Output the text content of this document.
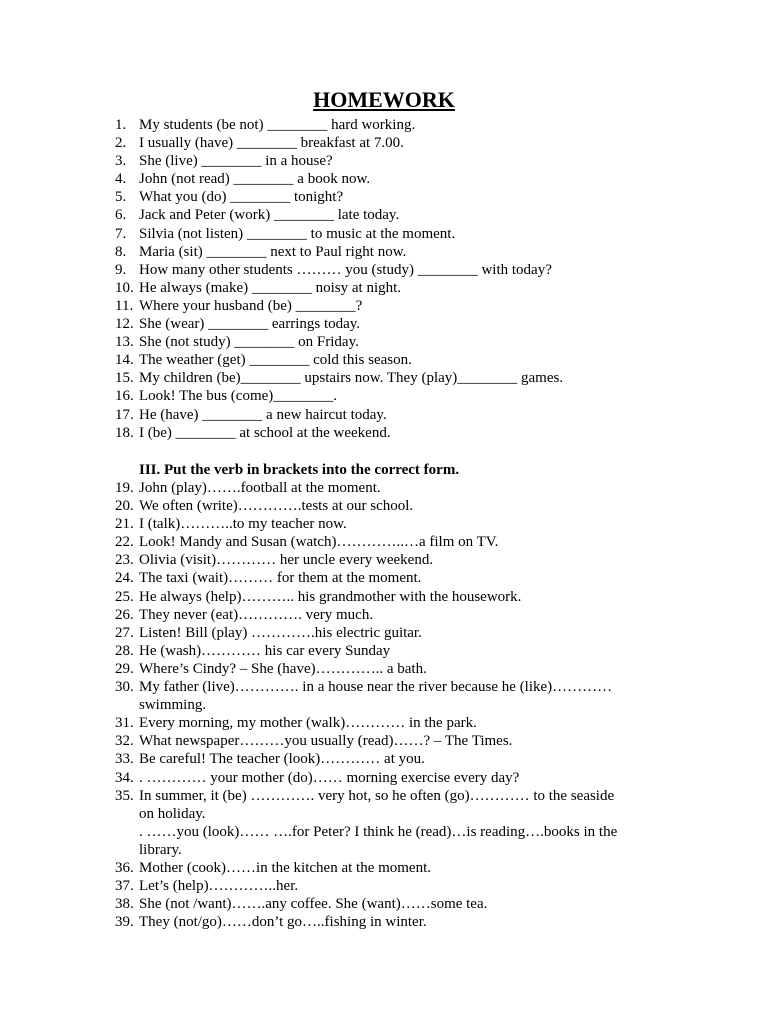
HOMEWORK
1. My students (be not) ________ hard working.
2. I usually (have) ________ breakfast at 7.00.
3. She (live) ________ in a house?
4. John (not read) ________ a book now.
5. What you (do) ________ tonight?
6. Jack and Peter (work) ________ late today.
7. Silvia (not listen) ________ to music at the moment.
8. Maria (sit) ________ next to Paul right now.
9. How many other students ……… you (study) ________ with today?
10. He always (make) ________ noisy at night.
11. Where your husband (be) ________?
12. She (wear) ________ earrings today.
13. She (not study) ________ on Friday.
14. The weather (get) ________ cold this season.
15. My children (be)________ upstairs now. They (play)________ games.
16. Look! The bus (come)________.
17. He (have) ________ a new haircut today.
18. I (be) ________ at school at the weekend.
III. Put the verb in brackets into the correct form.
19. John (play)…….football at the moment.
20. We often (write)………….tests at our school.
21. I (talk)………..to my teacher now.
22. Look! Mandy and Susan (watch)…………..…a film on TV.
23. Olivia (visit)………… her uncle every weekend.
24. The taxi (wait)……… for them at the moment.
25. He always (help)……….. his grandmother with the housework.
26. They never (eat)…………. very much.
27. Listen! Bill (play) ………….his electric guitar.
28. He (wash)………… his car every Sunday
29. Where’s Cindy? – She (have)………….. a bath.
30. My father (live)…………. in a house near the river because he (like)…………
swimming.
31. Every morning, my mother (walk)………… in the park.
32. What newspaper………you usually (read)……? – The Times.
33. Be careful! The teacher (look)………… at you.
34. . ………… your mother (do)…… morning exercise every day?
35. In summer, it (be) …………. very hot, so he often (go)………… to the seaside
on holiday.
. ……you (look)…… ….for Peter? I think he (read)…is reading….books in the
library.
36. Mother (cook)……in the kitchen at the moment.
37. Let’s (help)…………..her.
38. She (not /want)…….any coffee. She (want)……some tea.
39. They (not/go)……don’t go…..fishing in winter.
